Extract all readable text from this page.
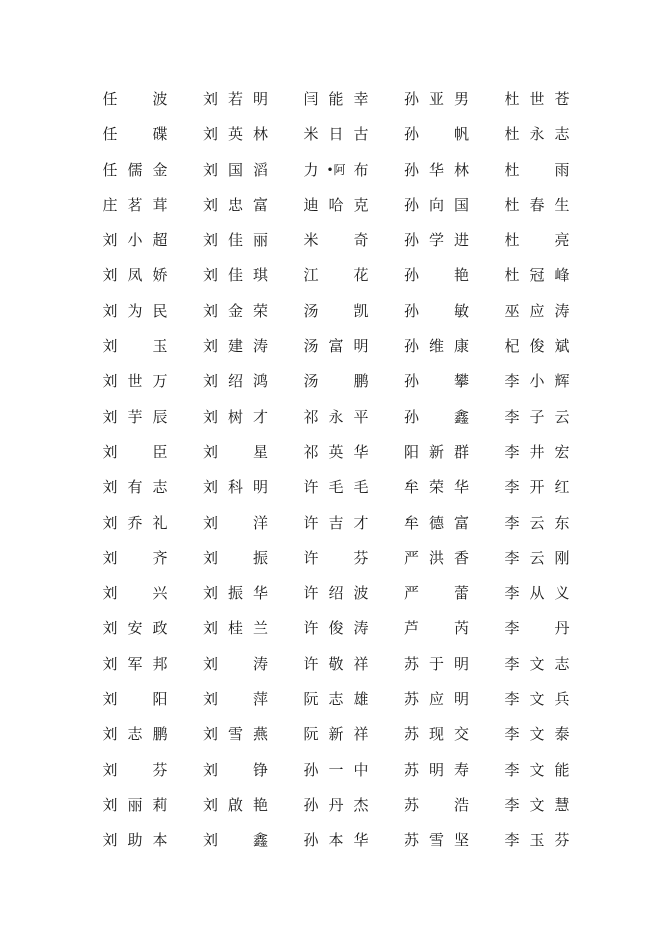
任 波 刘 若 明 闫 能 幸 孙 亚 男 杜 世 苍
任 碟 刘 英 林 米 日 古 孙 帆 杜 永 志
任 儒 金 刘 国 滔 力 •阿 布 孙 华 林 杜 雨
庄 茗 茸 刘 忠 富 迪 哈 克 孙 向 国 杜 春 生
刘 小 超 刘 佳 丽 米 奇 孙 学 进 杜 亮
刘 凤 娇 刘 佳 琪 江 花 孙 艳 杜 冠 峰
刘 为 民 刘 金 荣 汤 凯 孙 敏 巫 应 涛
刘 玉 刘 建 涛 汤 富 明 孙 维 康 杞 俊 斌
刘 世 万 刘 绍 鸿 汤 鹏 孙 攀 李 小 辉
刘 芋 辰 刘 树 才 祁 永 平 孙 鑫 李 子 云
刘 臣 刘 星 祁 英 华 阳 新 群 李 井 宏
刘 有 志 刘 科 明 许 毛 毛 牟 荣 华 李 开 红
刘 乔 礼 刘 洋 许 吉 才 牟 德 富 李 云 东
刘 齐 刘 振 许 芬 严 洪 香 李 云 刚
刘 兴 刘 振 华 许 绍 波 严 蕾 李 从 义
刘 安 政 刘 桂 兰 许 俊 涛 芦 芮 李 丹
刘 军 邦 刘 涛 许 敬 祥 苏 于 明 李 文 志
刘 阳 刘 萍 阮 志 雄 苏 应 明 李 文 兵
刘 志 鹏 刘 雪 燕 阮 新 祥 苏 现 交 李 文 泰
刘 芬 刘 铮 孙 一 中 苏 明 寿 李 文 能
刘 丽 莉 刘 啟 艳 孙 丹 杰 苏 浩 李 文 慧
刘 助 本 刘 鑫 孙 本 华 苏 雪 坚 李 玉 芬
